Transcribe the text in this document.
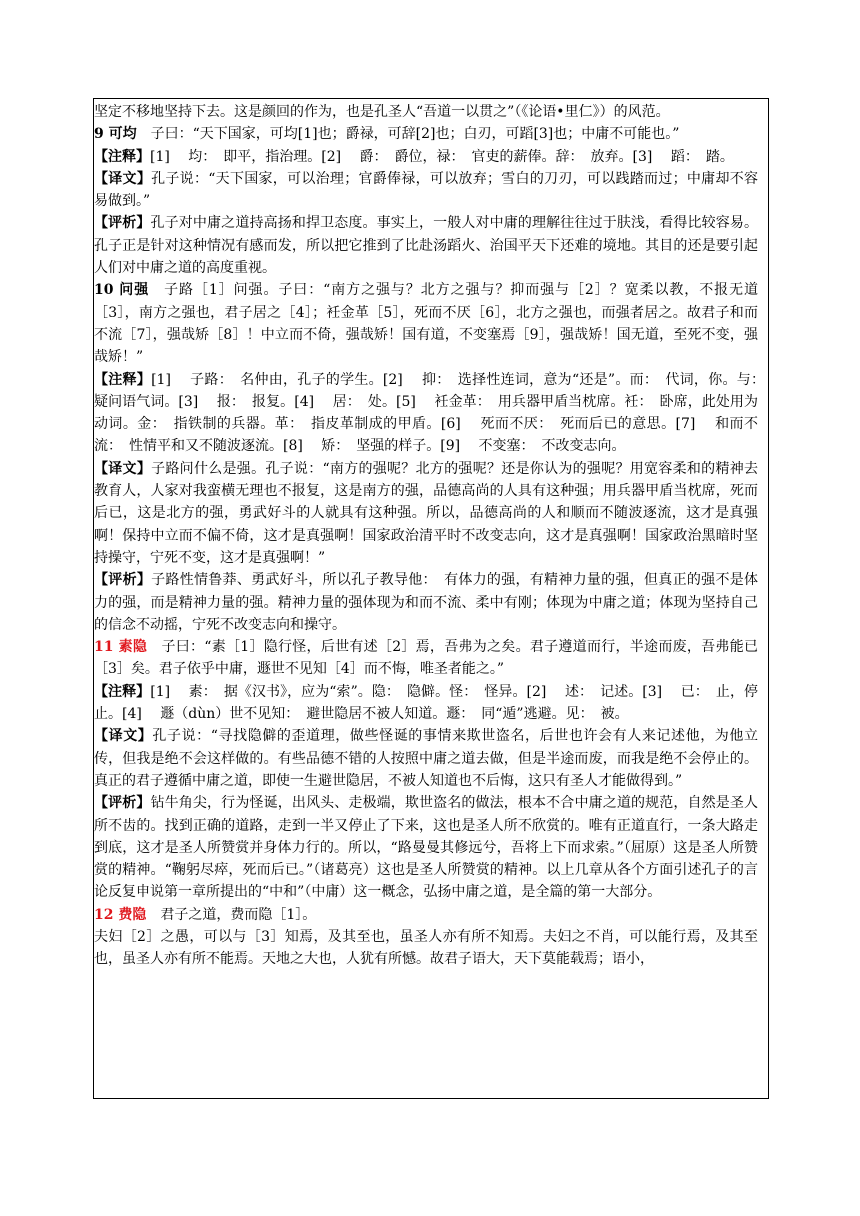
坚定不移地坚持下去。这是颜回的作为，也是孔圣人“吾道一以贯之”（《论语•里仁》）的风范。

9 可均 子曰：“天下国家，可均[1]也；爵禄，可辞[2]也；白刃，可蹈[3]也；中庸不可能也。”

【注释】[1]　 均：　即平，指治理。[2]　 爵：　爵位，禄：　官吏的薪俸。辞：　放弃。[3]　 蹈：　踏。

【译文】孔子说：“天下国家，可以治理；官爵俸禄，可以放弃；雪白的刀刃，可以践踏而过；中庸却不容易做到。”

【评析】孔子对中庸之道持高扬和捍卫态度。事实上，一般人对中庸的理解往往过于肤浅，看得比较容易。孔子正是针对这种情况有感而发，所以把它推到了比赴汤蹈火、治国平天下还难的境地。其目的还是要引起人们对中庸之道的高度重视。

10 问强 子路［1］问强。子曰：“南方之强与？北方之强与？抑而强与［2］？宽柔以教，不报无道［3］，南方之强也，君子居之［4］；衽金革［5］，死而不厌［6］，北方之强也，而强者居之。故君子和而不流［7］，强哉矫［8］！中立而不倚，强哉矫！国有道，不变塞焉［9］，强哉矫！国无道，至死不变，强哉矫！”

【注释】[1]　 子路：　名仲由，孔子的学生。[2]　 抑：　选择性连词，意为“还是”。而：　代词，你。与：　疑问语气词。[3]　 报：　报复。[4]　 居：　处。[5]　 衽金革：　用兵器甲盾当枕席。衽：　卧席，此处用为动词。金：　指铁制的兵器。革：　指皮革制成的甲盾。[6]　 死而不厌：　死而后已的意思。[7]　 和而不流：　性情平和又不随波逐流。[8]　 矫：　坚强的样子。[9]　 不变塞：　不改变志向。

【译文】子路问什么是强。孔子说：“南方的强呢？北方的强呢？还是你认为的强呢？用宽容柔和的精神去教育人，人家对我蛮横无理也不报复，这是南方的强，品德高尚的人具有这种强；用兵器甲盾当枕席，死而后已，这是北方的强，勇武好斗的人就具有这种强。所以，品德高尚的人和顺而不随波逐流，这才是真强啊！保持中立而不偏不倚，这才是真强啊！国家政治清平时不改变志向，这才是真强啊！国家政治黑暗时坚持操守，宁死不变，这才是真强啊！”

【评析】子路性情鲁莽、勇武好斗，所以孔子教导他：　有体力的强，有精神力量的强，但真正的强不是体力的强，而是精神力量的强。精神力量的强体现为和而不流、柔中有刚；体现为中庸之道；体现为坚持自己的信念不动摇，宁死不改变志向和操守。

11 素隐 子曰：“素［1］隐行怪，后世有述［2］焉，吾弗为之矣。君子遵道而行，半途而废，吾弗能已［3］矣。君子依乎中庸，遯世不见知［4］而不悔，唯圣者能之。”

【注释】[1]　 素：　据《汉书》，应为“索”。隐：　隐僻。怪：　怪异。[2]　 述：　记述。[3]　 已：　止，停止。[4]　 遯（dùn）世不见知：　避世隐居不被人知道。遯：　同“遁”逃避。见：　被。

【译文】孔子说：“寻找隐僻的歪道理，做些怪诞的事情来欺世盗名，后世也许会有人来记述他，为他立传，但我是绝不会这样做的。有些品德不错的人按照中庸之道去做，但是半途而废，而我是绝不会停止的。真正的君子遵循中庸之道，即使一生避世隐居，不被人知道也不后悔，这只有圣人才能做得到。”

【评析】钻牛角尖，行为怪诞，出风头、走极端，欺世盗名的做法，根本不合中庸之道的规范，自然是圣人所不齿的。找到正确的道路，走到一半又停止了下来，这也是圣人所不欣赏的。唯有正道直行，一条大路走到底，这才是圣人所赞赏并身体力行的。所以，“路曼曼其修远兮，吾将上下而求索。”（屈原）这是圣人所赞赏的精神。“鞠躬尽瘁，死而后已。”（诸葛亮）这也是圣人所赞赏的精神。以上几章从各个方面引述孔子的言论反复申说第一章所提出的“中和”（中庸）这一概念，弘扬中庸之道，是全篇的第一大部分。

12 费隐 君子之道，费而隐［1］。

夫妇［2］之愚，可以与［3］知焉，及其至也，虽圣人亦有所不知焉。夫妇之不肖，可以能行焉，及其至也，虽圣人亦有所不能焉。天地之大也，人犹有所憾。故君子语大，天下莫能载焉；语小，
